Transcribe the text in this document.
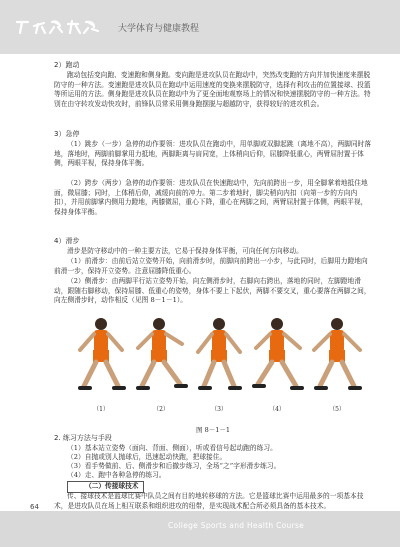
大学体育与健康教程

2）跑动

跑动包括变向跑、变速跑和侧身跑。变向跑是进攻队员在跑动中，突然改变跑的方向并加快速度来摆脱防守的一种方法。变速跑是进攻队员在跑动中运用速度的变换来摆脱防守，选择有利攻击的位置接球、投篮等所运用的方法。侧身跑是进攻队员在跑动中为了更全面地观察场上的情况和快速摆脱防守的一种方法。特别在由守转攻发动快攻时，前锋队员常采用侧身跑摆脱与超越防守，获得较好的进攻机会。

3）急停

（1）跳步（一步）急停的动作要领：进攻队员在跑动中，用单脚或双脚起跳（离地不高），两脚同时落地，落地时，两脚前脚掌用力抵地，两脚距离与肩同宽，上体稍向后仰，屈膝降低重心，两臂屈肘置于体侧，两眼平视，保持身体平衡。

（2）跨步（两步）急停的动作要领：进攻队员在快速跑动中，先向前跨出一步，用全脚掌着地抵住地面，微屈膝；同时，上体稍后仰，减缓向前的冲力。第二步着地时，脚尖稍向内扣（向第一步的方向内扣），并用前脚掌内侧用力蹬地，两膝微屈，重心下降，重心在两脚之间，两臂屈肘置于体侧，两眼平视，保持身体平衡。

4）滑步

滑步是防守移动中的一种主要方法，它易于保持身体平衡，可向任何方向移动。

（1）前滑步：由前后站立姿势开始，向前滑步时，前脚向前跨出一小步，与此同时，后脚用力蹬地向前滑一步，保持开立姿势。注意屈膝降低重心。

（2）侧滑步：由两脚平行站立姿势开始，向左侧滑步时，右脚向右跨出，落地的同时，左脚蹬地滑动，跟随右脚移动，保持屈膝、低重心的姿势，身体不要上下起伏，两脚不要交叉，重心要落在两脚之间，向左侧滑步时，动作相反（见图 8－1－1）。

（1）	（2）	（3）	（4）	（5）

图 8－1－1

2. 练习方法与手段

（1）基本站立姿势（面向、背面、侧面），听或看信号起动跑的练习。

（2）自抛或别人抛球后，迅速起动快跑，把球接住。

（3）看手势做前、后、侧滑步和后撤步练习，全场“之”字形滑步练习。

（4）走、跑中各种急停的练习。

（二）传接球技术

传、接球技术是篮球比赛中队员之间有目的地转移球的方法。它是篮球比赛中运用最多的一项基本技术，是进攻队员在场上相互联系和组织进攻的纽带，是实现战术配合所必须具备的基本技术。

64
College Sports and Health Course
